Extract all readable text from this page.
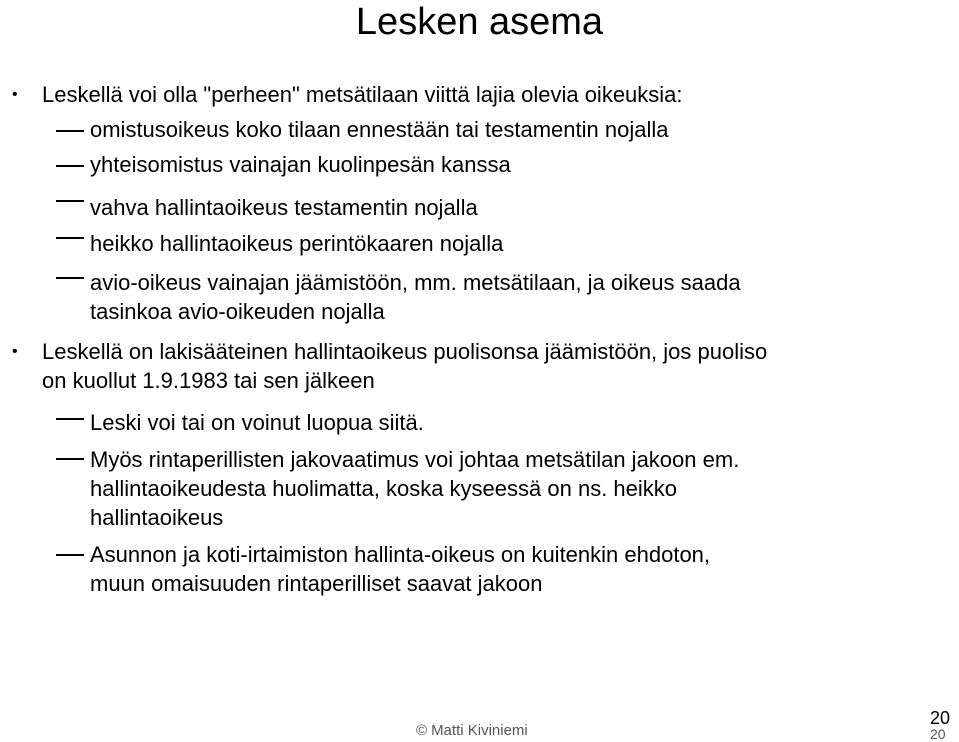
Lesken asema
• Leskellä voi olla "perheen" metsätilaan viittä lajia olevia oikeuksia:
omistusoikeus koko tilaan ennestään tai testamentin nojalla
yhteisomistus vainajan kuolinpesän kanssa
vahva hallintaoikeus testamentin nojalla
heikko hallintaoikeus perintökaaren nojalla
avio-oikeus vainajan jäämistöön, mm. metsätilaan, ja oikeus saada
tasinkoa avio-oikeuden nojalla
• Leskellä on lakisääteinen hallintaoikeus puolisonsa jäämistöön, jos puoliso
on kuollut 1.9.1983 tai sen jälkeen
Leski voi tai on voinut luopua siitä.
Myös rintaperillisten jakovaatimus voi johtaa metsätilan jakoon em.
hallintaoikeudesta huolimatta, koska kyseessä on ns. heikko
hallintaoikeus
Asunnon ja koti-irtaimiston hallinta-oikeus on kuitenkin ehdoton,
muun omaisuuden rintaperilliset saavat jakoon
© Matti Kiviniemi
20
20
